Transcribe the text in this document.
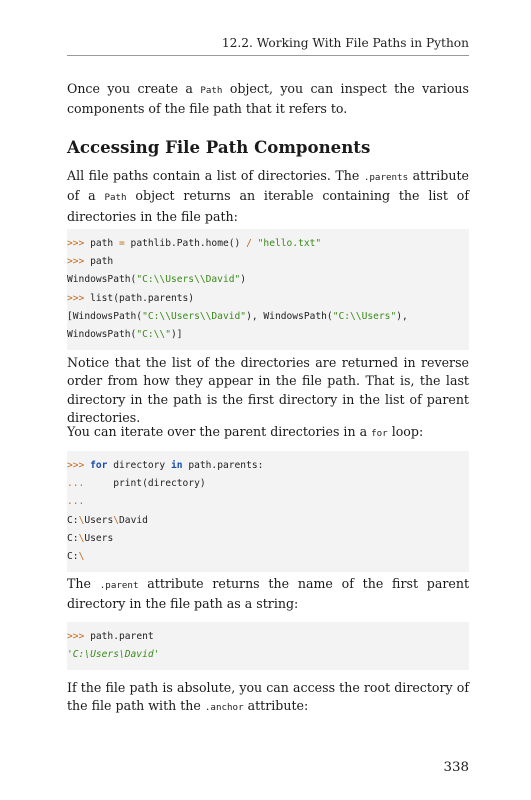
12.2. Working With File Paths in Python

Once you create a Path object, you can inspect the various components of the file path that it refers to.

Accessing File Path Components

All file paths contain a list of directories. The .parents attribute of a Path object returns an iterable containing the list of directories in the file path:

>>> path = pathlib.Path.home() / "hello.txt"
>>> path
WindowsPath("C:\\Users\\David")
>>> list(path.parents)
[WindowsPath("C:\\Users\\David"), WindowsPath("C:\\Users"),
WindowsPath("C:\\")]

Notice that the list of the directories are returned in reverse order from how they appear in the file path. That is, the last directory in the path is the first directory in the list of parent directories.

You can iterate over the parent directories in a for loop:

>>> for directory in path.parents:
...     print(directory)
...
C:\Users\David
C:\Users
C:\

The .parent attribute returns the name of the first parent directory in the file path as a string:

>>> path.parent
'C:\Users\David'

If the file path is absolute, you can access the root directory of the file path with the .anchor attribute:

338
